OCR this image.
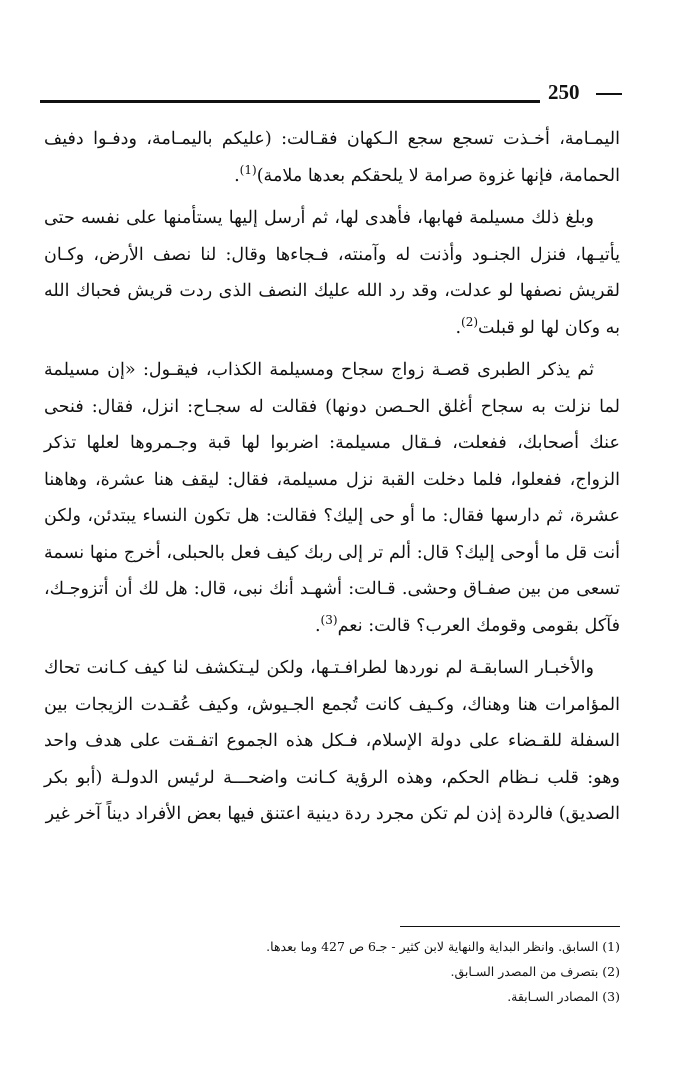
250

اليمـامة، أخـذت تسجع سجع الـكهان فقـالت: (عليكم باليمـامة، ودفـوا دفيف الحمامة، فإنها غزوة صرامة لا يلحقكم بعدها ملامة)$^{(1)}$.

وبلغ ذلك مسيلمة فهابها، فأهدى لها، ثم أرسل إليها يستأمنها على نفسه حتى يأتيـها، فنزل الجنـود وأذنت له وآمنته، فـجاءها وقال: لنا نصف الأرض، وكـان لقريش نصفها لو عدلت، وقد رد الله عليك النصف الذى ردت قريش فحباك الله به وكان لها لو قبلت$^{(2)}$.

ثم يذكر الطبرى قصـة زواج سجاح ومسيلمة الكذاب، فيقـول: «إن مسيلمة لما نزلت به سجاح أغلق الحـصن دونها) فقالت له سجـاح: انزل، فقال: فنحى عنك أصحابك، ففعلت، فـقال مسيلمة: اضربوا لها قبة وجـمروها لعلها تذكر الزواج، ففعلوا، فلما دخلت القبة نزل مسيلمة، فقال: ليقف هنا عشرة، وهاهنا عشرة، ثم دارسها فقال: ما أو حى إليك؟ فقالت: هل تكون النساء يبتدئن، ولكن أنت قل ما أوحى إليك؟ قال: ألم تر إلى ربك كيف فعل بالحبلى، أخرج منها نسمة تسعى من بين صفـاق وحشى. قـالت: أشهـد أنك نبى، قال: هل لك أن أتزوجـك، فآكل بقومى وقومك العرب؟ قالت: نعم$^{(3)}$.

والأخبـار السابقـة لم نوردها لطرافـتـها، ولكن ليـتكشف لنا كيف كـانت تحاك المؤامرات هنا وهناك، وكـيف كانت تُجمع الجـيوش، وكيف عُقـدت الزيجات بين السفلة للقـضاء على دولة الإسلام، فـكل هذه الجموع اتفـقت على هدف واحد وهو: قلب نـظام الحكم، وهذه الرؤية كـانت واضحـــة لرئيس الدولـة (أبو بكر الصديق) فالردة إذن لم تكن مجرد ردة دينية اعتنق فيها بعض الأفراد ديناً آخر غير

(1) السابق. وانظر البداية والنهاية لابن كثير - جـ6 ص 427 وما بعدها.
(2) بتصرف من المصدر السـابق.
(3) المصادر السـابقة.
